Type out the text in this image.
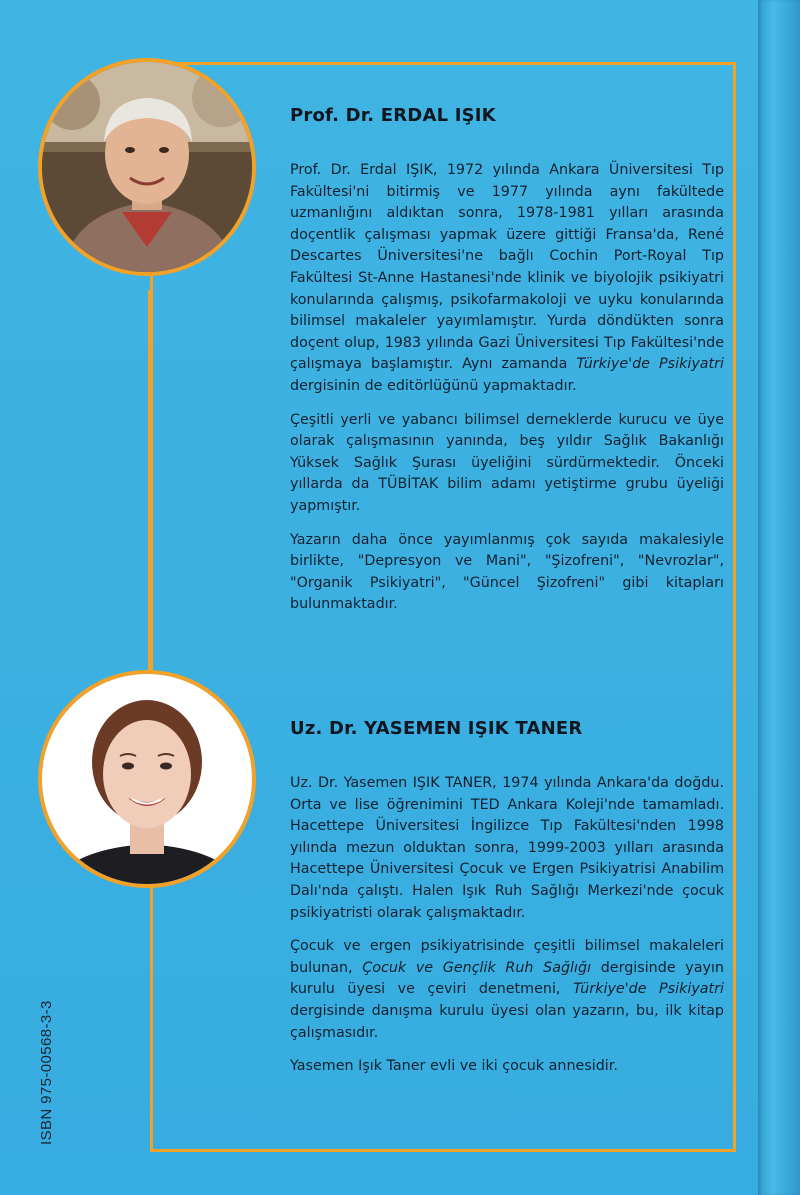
Prof. Dr. ERDAL IŞIK

Prof. Dr. Erdal IŞIK, 1972 yılında Ankara Üniversitesi Tıp Fakültesi'ni bitirmiş ve 1977 yılında aynı fakültede uzmanlığını aldıktan sonra, 1978-1981 yılları arasında doçentlik çalışması yapmak üzere gittiği Fransa'da, René Descartes Üniversitesi'ne bağlı Cochin Port-Royal Tıp Fakültesi St-Anne Hastanesi'nde klinik ve biyolojik psikiyatri konularında çalışmış, psikofarmakoloji ve uyku konularında bilimsel makaleler yayımlamıştır. Yurda döndükten sonra doçent olup, 1983 yılında Gazi Üniversitesi Tıp Fakültesi'nde çalışmaya başlamıştır. Aynı zamanda Türkiye'de Psikiyatri dergisinin de editörlüğünü yapmaktadır.

Çeşitli yerli ve yabancı bilimsel derneklerde kurucu ve üye olarak çalışmasının yanında, beş yıldır Sağlık Bakanlığı Yüksek Sağlık Şurası üyeliğini sürdürmektedir. Önceki yıllarda da TÜBİTAK bilim adamı yetiştirme grubu üyeliği yapmıştır.

Yazarın daha önce yayımlanmış çok sayıda makalesiyle birlikte, "Depresyon ve Mani", "Şizofreni", "Nevrozlar", "Organik Psikiyatri", "Güncel Şizofreni" gibi kitapları bulunmaktadır.

Uz. Dr. YASEMEN IŞIK TANER

Uz. Dr. Yasemen IŞIK TANER, 1974 yılında Ankara'da doğdu. Orta ve lise öğrenimini TED Ankara Koleji'nde tamamladı. Hacettepe Üniversitesi İngilizce Tıp Fakültesi'nden 1998 yılında mezun olduktan sonra, 1999-2003 yılları arasında Hacettepe Üniversitesi Çocuk ve Ergen Psikiyatrisi Anabilim Dalı'nda çalıştı. Halen Işık Ruh Sağlığı Merkezi'nde çocuk psikiyatristi olarak çalışmaktadır.

Çocuk ve ergen psikiyatrisinde çeşitli bilimsel makaleleri bulunan, Çocuk ve Gençlik Ruh Sağlığı dergisinde yayın kurulu üyesi ve çeviri denetmeni, Türkiye'de Psikiyatri dergisinde danışma kurulu üyesi olan yazarın, bu, ilk kitap çalışmasıdır.

Yasemen Işık Taner evli ve iki çocuk annesidir.

ISBN 975-00568-3-3
